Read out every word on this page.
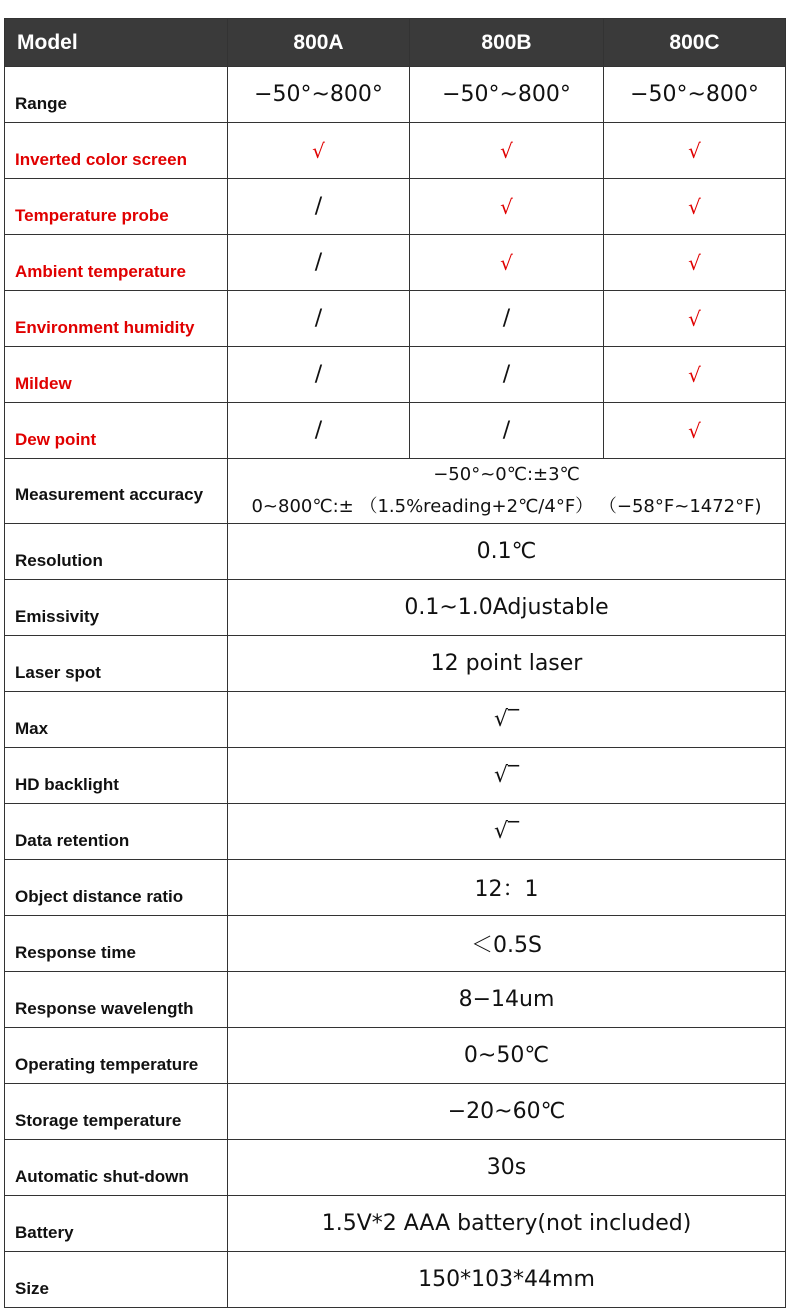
Model	800A	800B	800C
Range	−50°~800°	−50°~800°	−50°~800°
Inverted color screen	√	√	√
Temperature probe	/	√	√
Ambient temperature	/	√	√
Environment humidity	/	/	√
Mildew	/	/	√
Dew point	/	/	√
Measurement accuracy	−50°~0℃:±3℃
0~800℃:± （1.5%reading+2℃/4°F） （−58°F~1472°F)		

Resolution	0.1℃		
Emissivity	0.1~1.0Adjustable		
Laser spot	12 point laser		
Max	√‾		
HD backlight	√‾		
Data retention	√‾		
Object distance ratio	12：1		
Response time	＜0.5S		
Response wavelength	8−14um		
Operating temperature	0~50℃		
Storage temperature	−20~60℃		
Automatic shut-down	30s		
Battery	1.5V*2 AAA battery(not included)		
Size	150*103*44mm		
